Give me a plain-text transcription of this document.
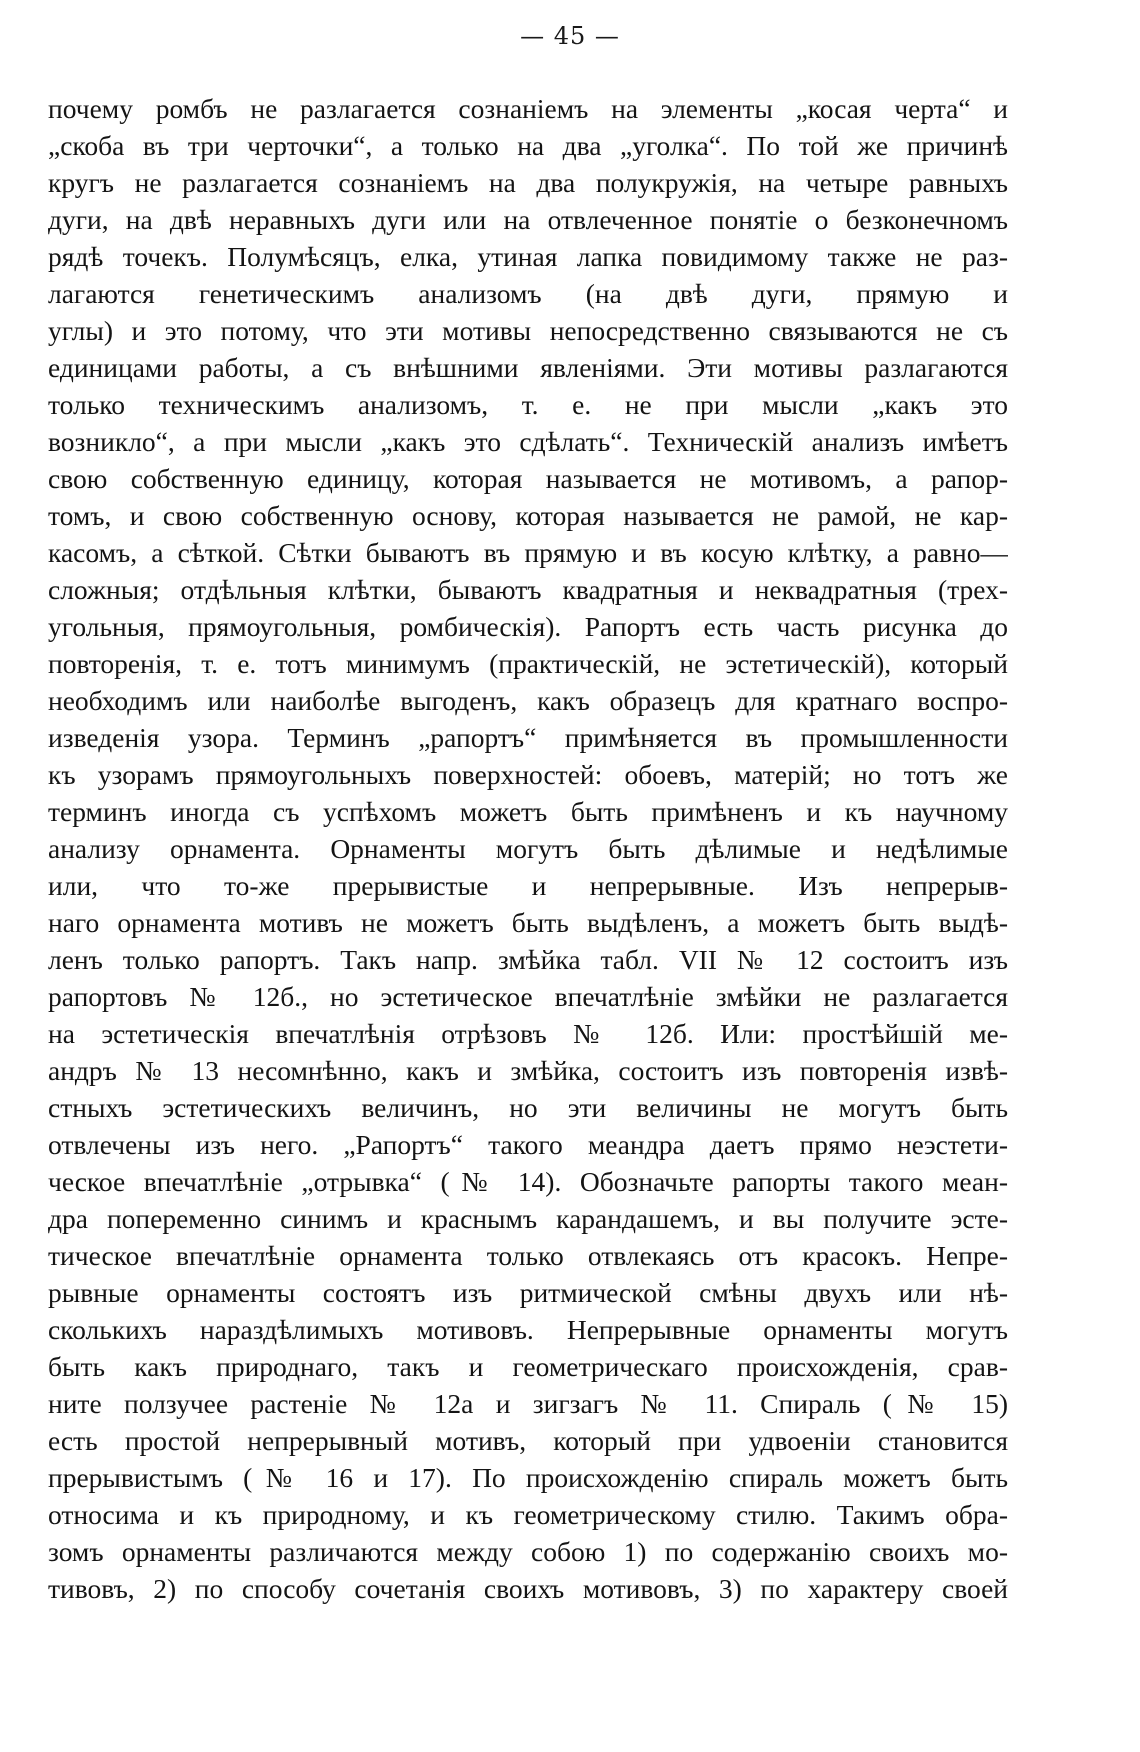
— 45 —
почему ромбъ не разлагается сознанiемъ на элементы „косая черта“ и
„скоба въ три черточки“, а только на два „уголка“. По той же причинѣ
кругъ не разлагается сознанiемъ на два полукружiя, на четыре равныхъ
дуги, на двѣ неравныхъ дуги или на отвлеченное понятiе о безконечномъ
рядѣ точекъ. Полумѣсяцъ, елка, утиная лапка повидимому также не раз-
лагаются генетическимъ анализомъ (на двѣ дуги, прямую и
углы) и это потому, что эти мотивы непосредственно связываются не съ
единицами работы, а съ внѣшними явленiями. Эти мотивы разлагаются
только техническимъ анализомъ, т. е. не при мысли „какъ это
возникло“, а при мысли „какъ это сдѣлать“. Техническiй анализъ имѣетъ
свою собственную единицу, которая называется не мотивомъ, а рапор-
томъ, и свою собственную основу, которая называется не рамой, не кар-
касомъ, а сѣткой. Сѣтки бываютъ въ прямую и въ косую клѣтку, а равно—
сложныя; отдѣльныя клѣтки, бываютъ квадратныя и неквадратныя (трех-
угольныя, прямоугольныя, ромбическiя). Рапортъ есть часть рисунка до
повторенiя, т. е. тотъ минимумъ (практическiй, не эстетическiй), который
необходимъ или наиболѣе выгоденъ, какъ образецъ для кратнаго воспро-
изведенiя узора. Терминъ „рапортъ“ примѣняется въ промышленности
къ узорамъ прямоугольныхъ поверхностей: обоевъ, матерiй; но тотъ же
терминъ иногда съ успѣхомъ можетъ быть примѣненъ и къ научному
анализу орнамента. Орнаменты могутъ быть дѣлимые и недѣлимые
или, что то-же прерывистые и непрерывные. Изъ непрерыв-
наго орнамента мотивъ не можетъ быть выдѣленъ, а можетъ быть выдѣ-
ленъ только рапортъ. Такъ напр. змѣйка табл. VII № 12 состоитъ изъ
рапортовъ № 12б., но эстетическое впечатлѣнiе змѣйки не разлагается
на эстетическiя впечатлѣнiя отрѣзовъ № 12б. Или: простѣйшiй ме-
андръ № 13 несомнѣнно, какъ и змѣйка, состоитъ изъ повторенiя извѣ-
стныхъ эстетическихъ величинъ, но эти величины не могутъ быть
отвлечены изъ него. „Рапортъ“ такого меандра даетъ прямо неэстети-
ческое впечатлѣнiе „отрывка“ (№ 14). Обозначьте рапорты такого меан-
дра попеременно синимъ и краснымъ карандашемъ, и вы получите эсте-
тическое впечатлѣнiе орнамента только отвлекаясь отъ красокъ. Непре-
рывные орнаменты состоятъ изъ ритмической смѣны двухъ или нѣ-
сколькихъ нараздѣлимыхъ мотивовъ. Непрерывные орнаменты могутъ
быть какъ природнаго, такъ и геометрическаго происхожденiя, срав-
ните ползучее растенiе № 12а и зигзагъ № 11. Спираль (№ 15)
есть простой непрерывный мотивъ, который при удвоенiи становится
прерывистымъ (№ 16 и 17). По происхожденiю спираль можетъ быть
относима и къ природному, и къ геометрическому стилю. Такимъ обра-
зомъ орнаменты различаются между собою 1) по содержанiю своихъ мо-
тивовъ, 2) по способу сочетанiя своихъ мотивовъ, 3) по характеру своей
